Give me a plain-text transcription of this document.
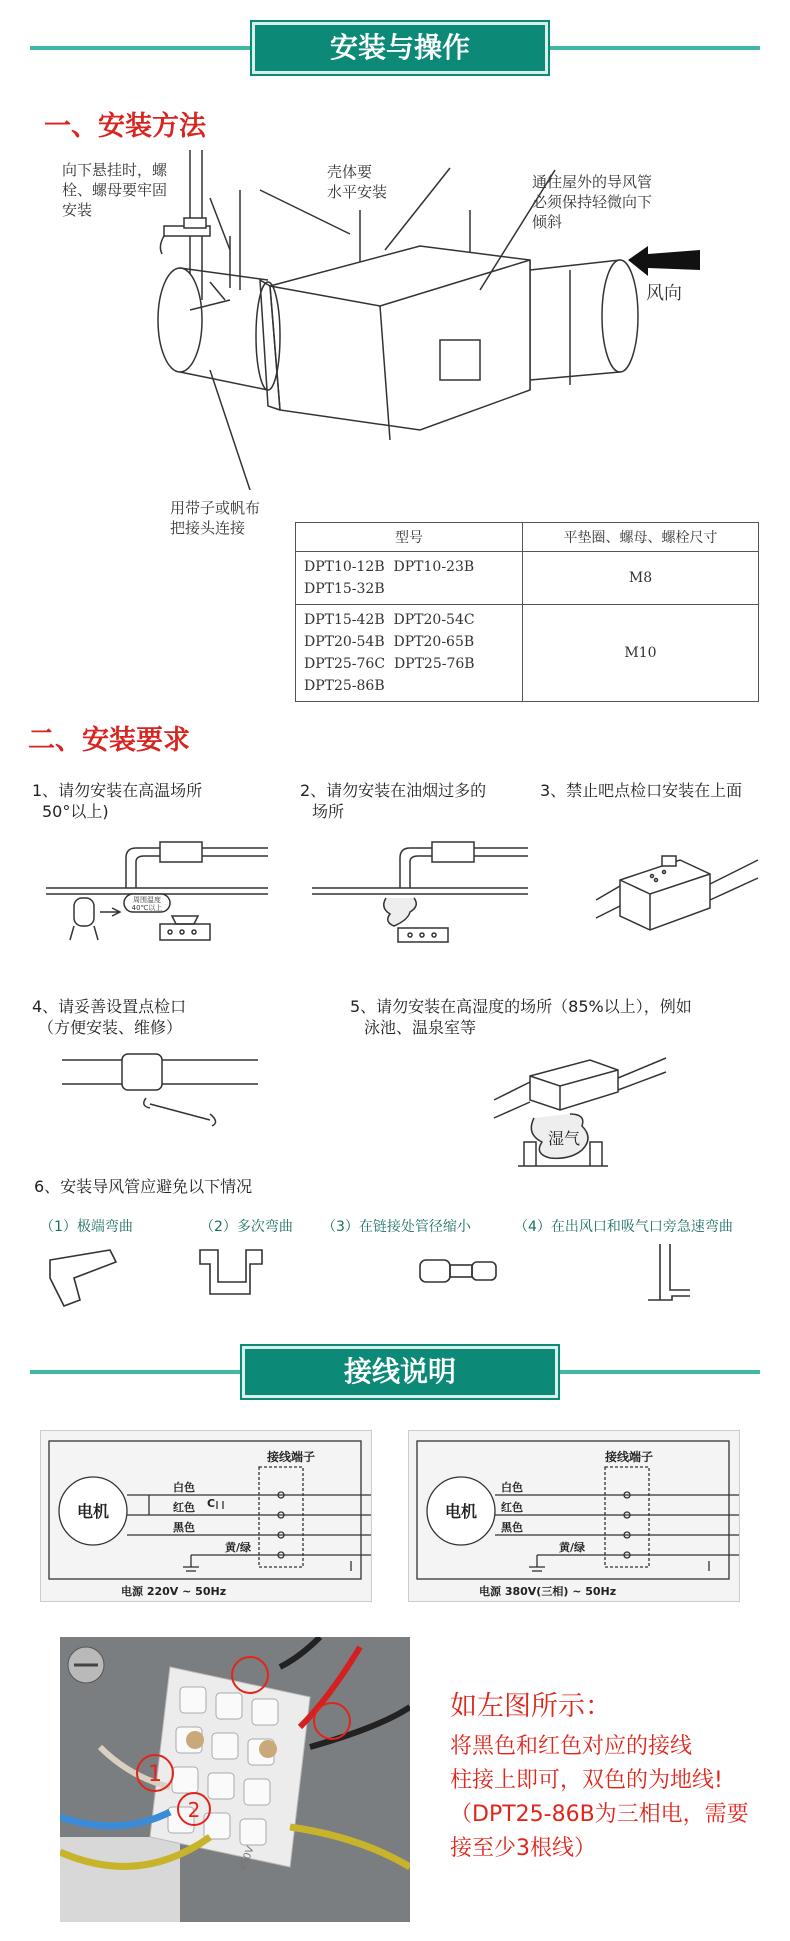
安装与操作
一、安装方法
向下悬挂时，螺
栓、螺母要牢固
安装
壳体要
水平安装
通往屋外的导风管
必须保持轻微向下
倾斜
风向
用带子或帆布
把接头连接
型号	平垫圈、螺母、螺栓尺寸

DPT10-12B  DPT10-23B
DPT15-32B	M8

DPT15-42B  DPT20-54C
DPT20-54B  DPT20-65B
DPT25-76C  DPT25-76B
DPT25-86B	M10
二、安装要求
1、请勿安装在高温场所
50°以上)
2、请勿安装在油烟过多的
场所
3、禁止吧点检口安装在上面
周围温度
40℃以上
4、请妥善设置点检口
（方便安装、维修）
5、请勿安装在高湿度的场所（85%以上），例如
泳池、温泉室等
湿气
6、安装导风管应避免以下情况
（1）极端弯曲	（2）多次弯曲 （3）在链接处管径缩小	（4）在出风口和吸气口旁急速弯曲
接线说明
接线端子
电机
白色
红色
黑色
黄/绿
C
电源 220V ~ 50Hz
接线端子
电机
白色
红色
黑色
黄/绿
电源 380V(三相) ~ 50Hz
1
2
450V
如左图所示：
将黑色和红色对应的接线
柱接上即可，双色的为地线!
（DPT25-86B为三相电，需要
接至少3根线）
